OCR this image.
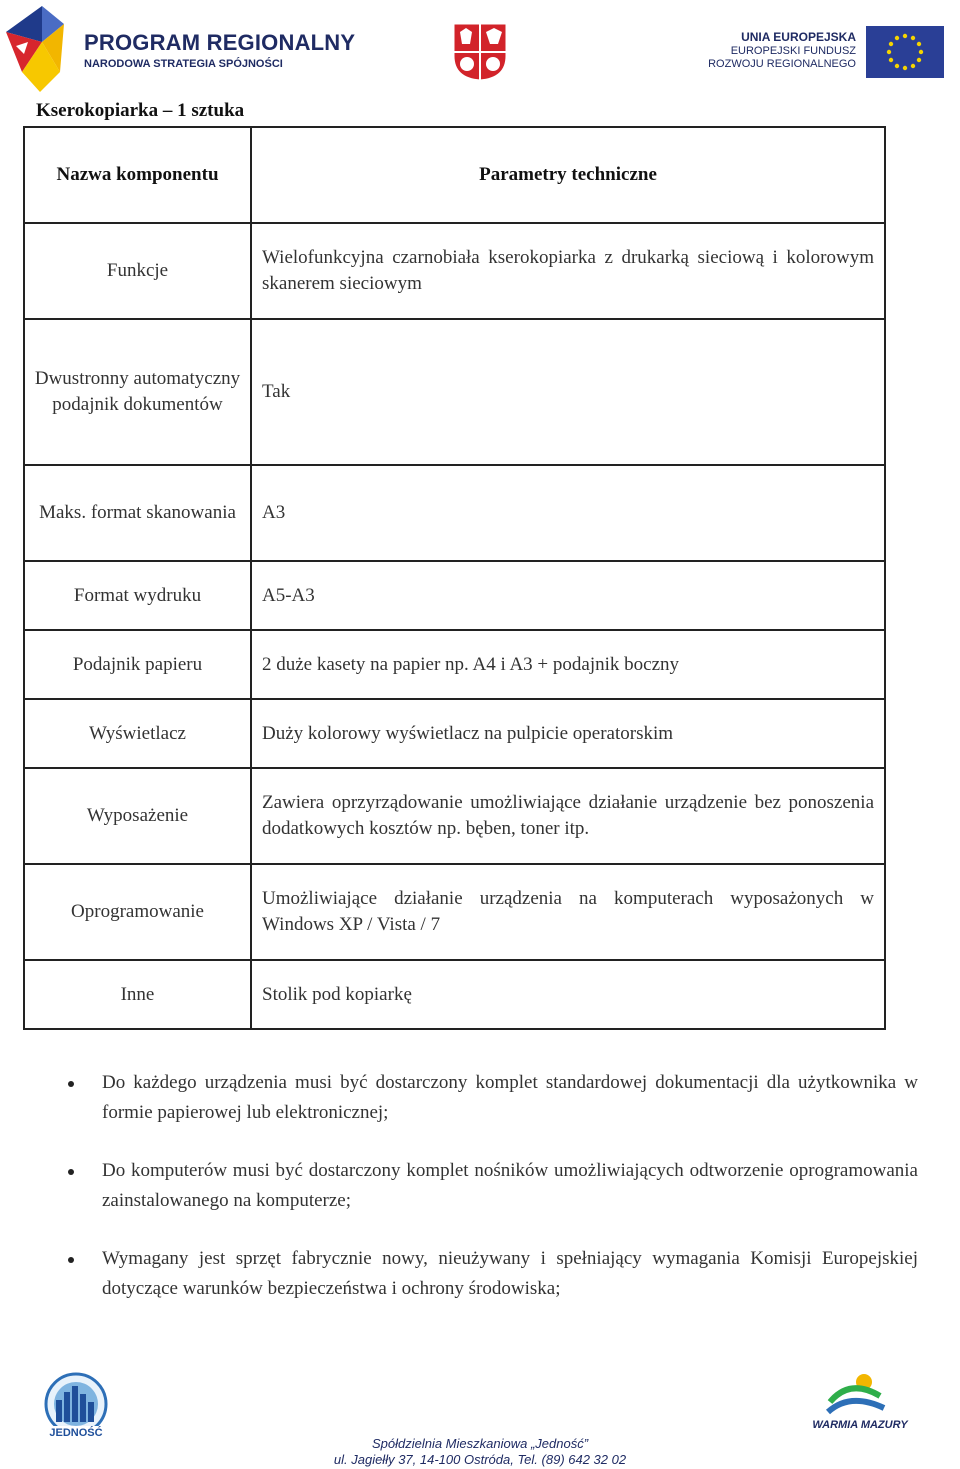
PROGRAM REGIONALNY
NARODOWA STRATEGIA SPÓJNOŚCI
UNIA EUROPEJSKA
EUROPEJSKI FUNDUSZ
ROZWOJU REGIONALNEGO
Kserokopiarka – 1 sztuka
Nazwa komponentu	Parametry techniczne
Funkcje	Wielofunkcyjna czarnobiała kserokopiarka z drukarką sieciową i kolorowym skanerem sieciowym
Dwustronny automatyczny podajnik dokumentów	Tak
Maks. format skanowania	A3
Format wydruku	A5-A3
Podajnik papieru	2 duże kasety na papier np. A4 i A3 + podajnik boczny
Wyświetlacz	Duży kolorowy wyświetlacz na pulpicie operatorskim
Wyposażenie	Zawiera oprzyrządowanie umożliwiające działanie urządzenie bez ponoszenia dodatkowych kosztów np. bęben, toner itp.
Oprogramowanie	Umożliwiające działanie urządzenia na komputerach wyposażonych w Windows XP / Vista / 7
Inne	Stolik pod kopiarkę
Do każdego urządzenia musi być dostarczony komplet standardowej dokumentacji dla użytkownika w formie papierowej lub elektronicznej;
Do komputerów musi być dostarczony komplet nośników umożliwiających odtworzenie oprogramowania zainstalowanego na komputerze;
Wymagany jest sprzęt fabrycznie nowy, nieużywany i spełniający wymagania Komisji Europejskiej dotyczące warunków bezpieczeństwa i ochrony środowiska;
JEDNOŚĆ
WARMIA MAZURY
Spółdzielnia Mieszkaniowa „Jedność”
ul. Jagiełły 37, 14-100 Ostróda, Tel. (89) 642 32 02
